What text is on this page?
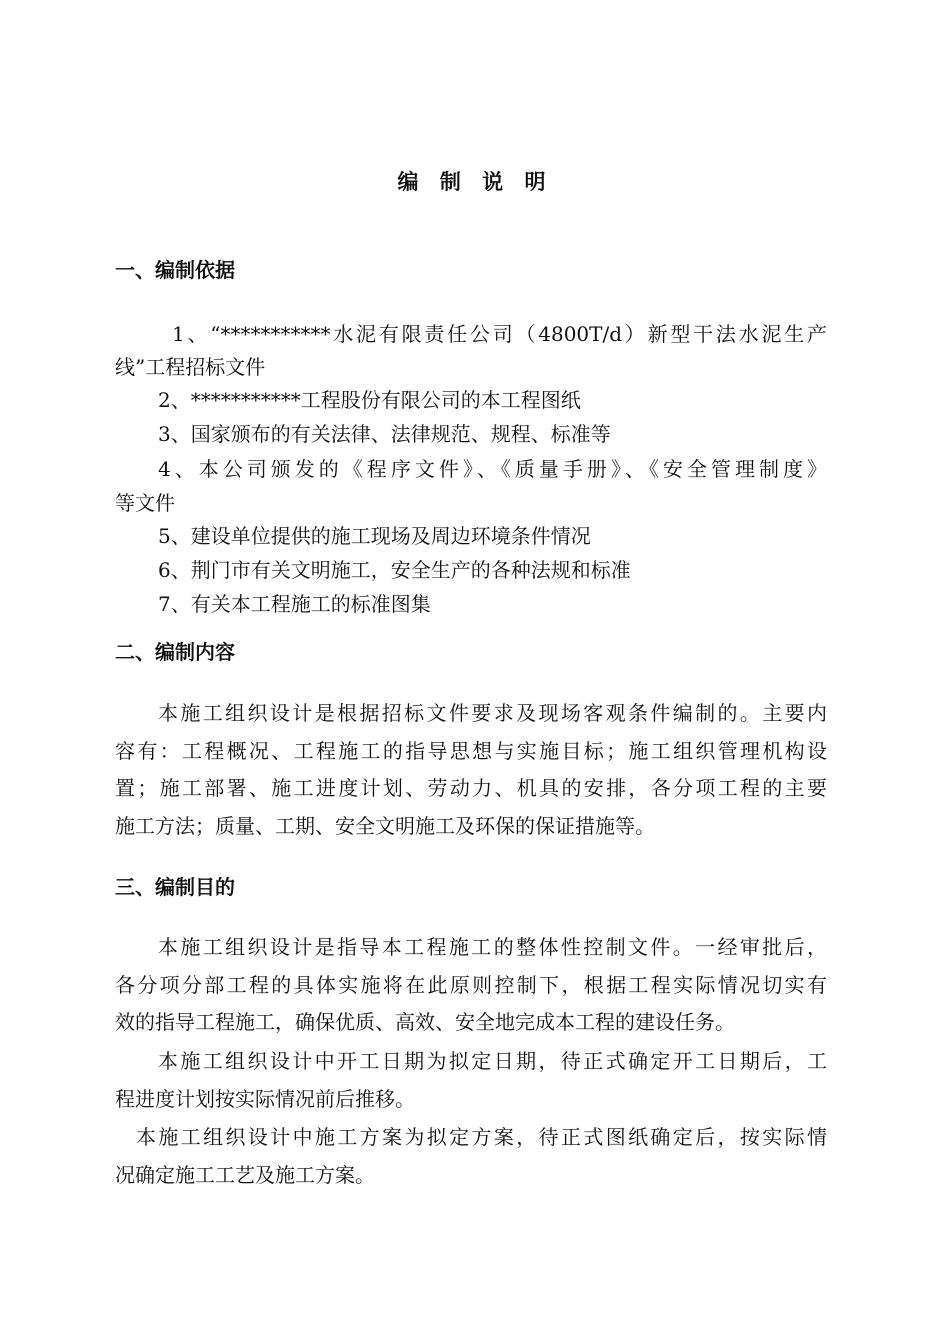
编 制 说 明
一、编制依据
1、“***********水泥有限责任公司（4800T/d）新型干法水泥生产
线”工程招标文件
2、***********工程股份有限公司的本工程图纸
3、国家颁布的有关法律、法律规范、规程、标准等
4、本公司颁发的《程序文件》、《质量手册》、《安全管理制度》
等文件
5、建设单位提供的施工现场及周边环境条件情况
6、荆门市有关文明施工，安全生产的各种法规和标准
7、有关本工程施工的标准图集
二、编制内容
本施工组织设计是根据招标文件要求及现场客观条件编制的。主要内
容有：工程概况、工程施工的指导思想与实施目标；施工组织管理机构设
置；施工部署、施工进度计划、劳动力、机具的安排，各分项工程的主要
施工方法；质量、工期、安全文明施工及环保的保证措施等。
三、编制目的
本施工组织设计是指导本工程施工的整体性控制文件。一经审批后，
各分项分部工程的具体实施将在此原则控制下，根据工程实际情况切实有
效的指导工程施工，确保优质、高效、安全地完成本工程的建设任务。
本施工组织设计中开工日期为拟定日期，待正式确定开工日期后，工
程进度计划按实际情况前后推移。
本施工组织设计中施工方案为拟定方案，待正式图纸确定后，按实际情
况确定施工工艺及施工方案。
